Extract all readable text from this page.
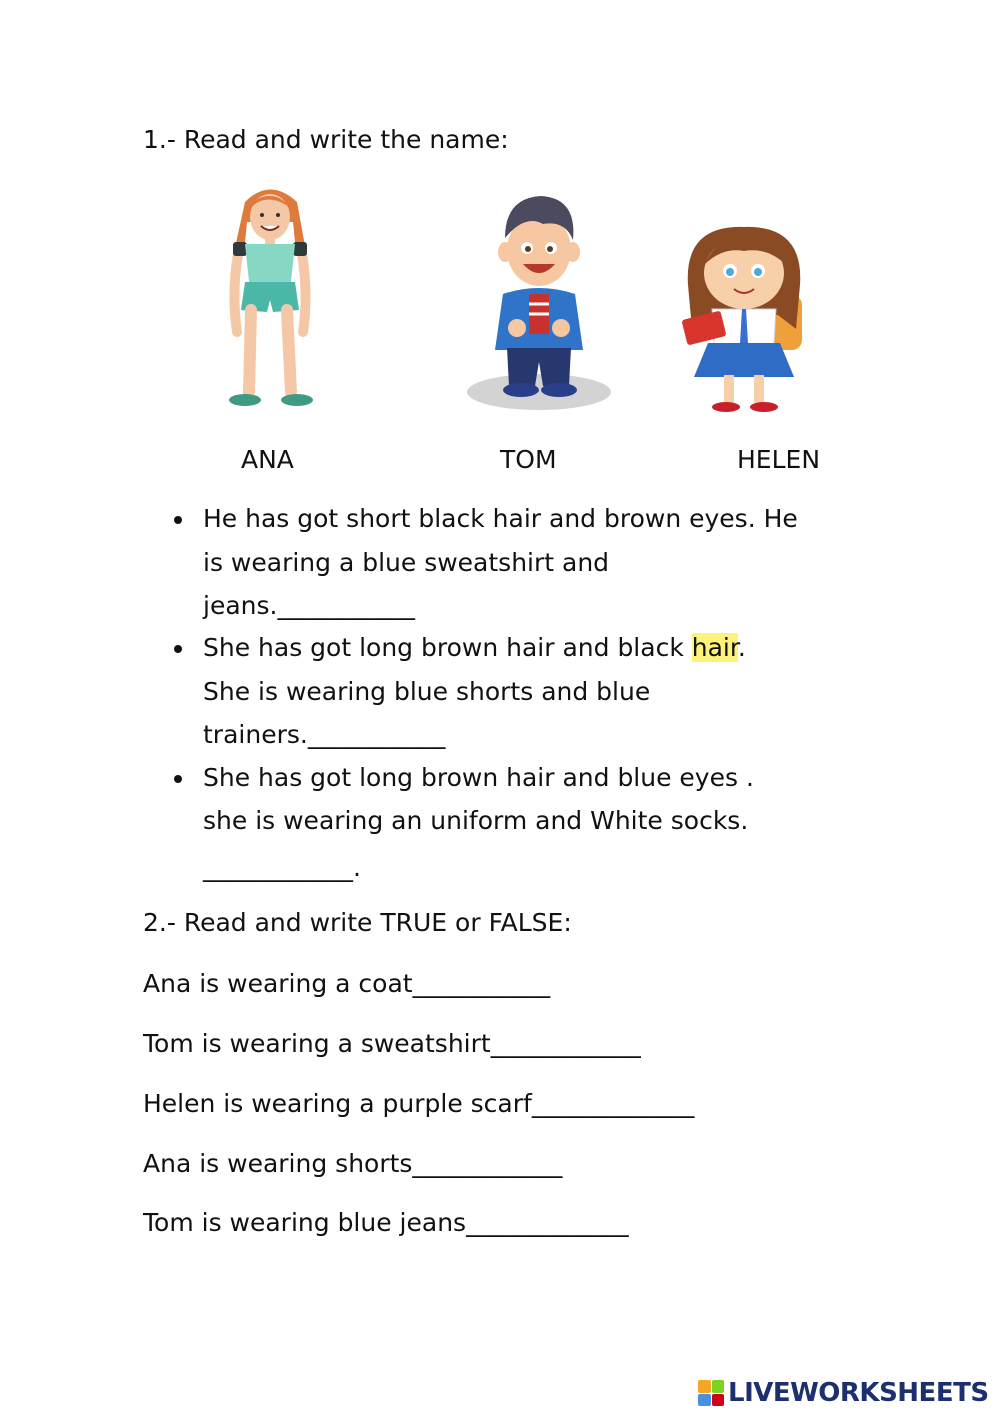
1.- Read and write the name:
ANA	TOM	HELEN
He has got short black hair and brown eyes. He
is wearing a blue sweatshirt and
jeans.___________
She has got long brown hair and black hair.
She is wearing blue shorts and blue
trainers.___________
She has got long brown hair and blue eyes .
she is wearing an uniform and White socks.
____________.
2.- Read and write TRUE or FALSE:
Ana is wearing a coat___________
Tom is wearing a sweatshirt____________
Helen is wearing a purple scarf_____________
Ana is wearing shorts____________
Tom is wearing blue jeans_____________
LIVEWORKSHEETS
